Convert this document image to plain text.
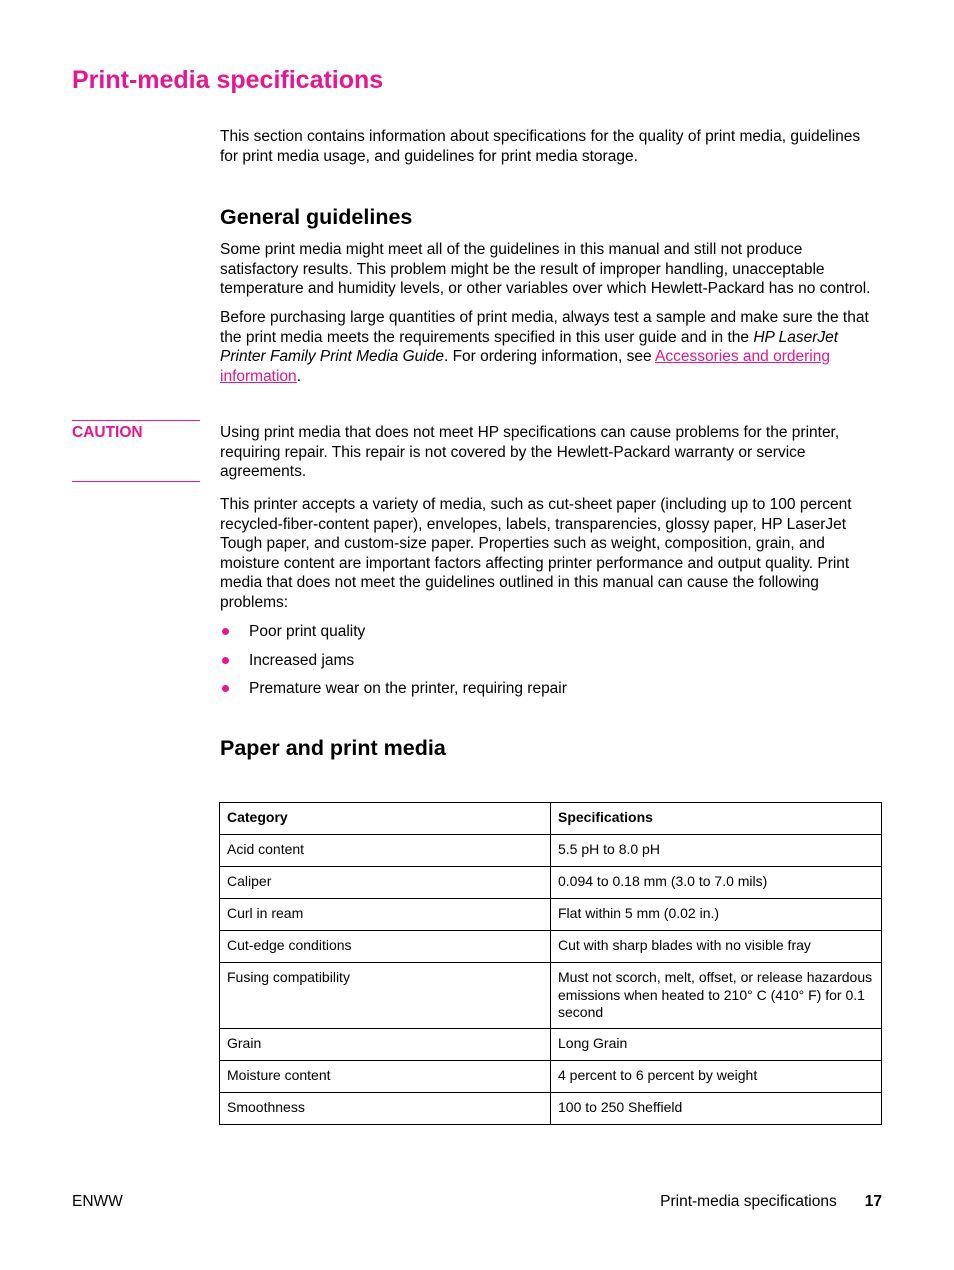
Print-media specifications

This section contains information about specifications for the quality of print media, guidelines for print media usage, and guidelines for print media storage.

General guidelines

Some print media might meet all of the guidelines in this manual and still not produce satisfactory results. This problem might be the result of improper handling, unacceptable temperature and humidity levels, or other variables over which Hewlett-Packard has no control.

Before purchasing large quantities of print media, always test a sample and make sure the that the print media meets the requirements specified in this user guide and in the HP LaserJet Printer Family Print Media Guide. For ordering information, see Accessories and ordering information.

CAUTION	Using print media that does not meet HP specifications can cause problems for the printer, requiring repair. This repair is not covered by the Hewlett-Packard warranty or service agreements.

This printer accepts a variety of media, such as cut-sheet paper (including up to 100 percent recycled-fiber-content paper), envelopes, labels, transparencies, glossy paper, HP LaserJet Tough paper, and custom-size paper. Properties such as weight, composition, grain, and moisture content are important factors affecting printer performance and output quality. Print media that does not meet the guidelines outlined in this manual can cause the following problems:

Poor print quality
Increased jams
Premature wear on the printer, requiring repair
Paper and print media
Category	Specifications
Acid content	5.5 pH to 8.0 pH
Caliper	0.094 to 0.18 mm (3.0 to 7.0 mils)
Curl in ream	Flat within 5 mm (0.02 in.)
Cut-edge conditions	Cut with sharp blades with no visible fray
Fusing compatibility	Must not scorch, melt, offset, or release hazardous emissions when heated to 210° C (410° F) for 0.1 second
Grain	Long Grain
Moisture content	4 percent to 6 percent by weight
Smoothness	100 to 250 Sheffield
ENWW	Print-media specifications 17
